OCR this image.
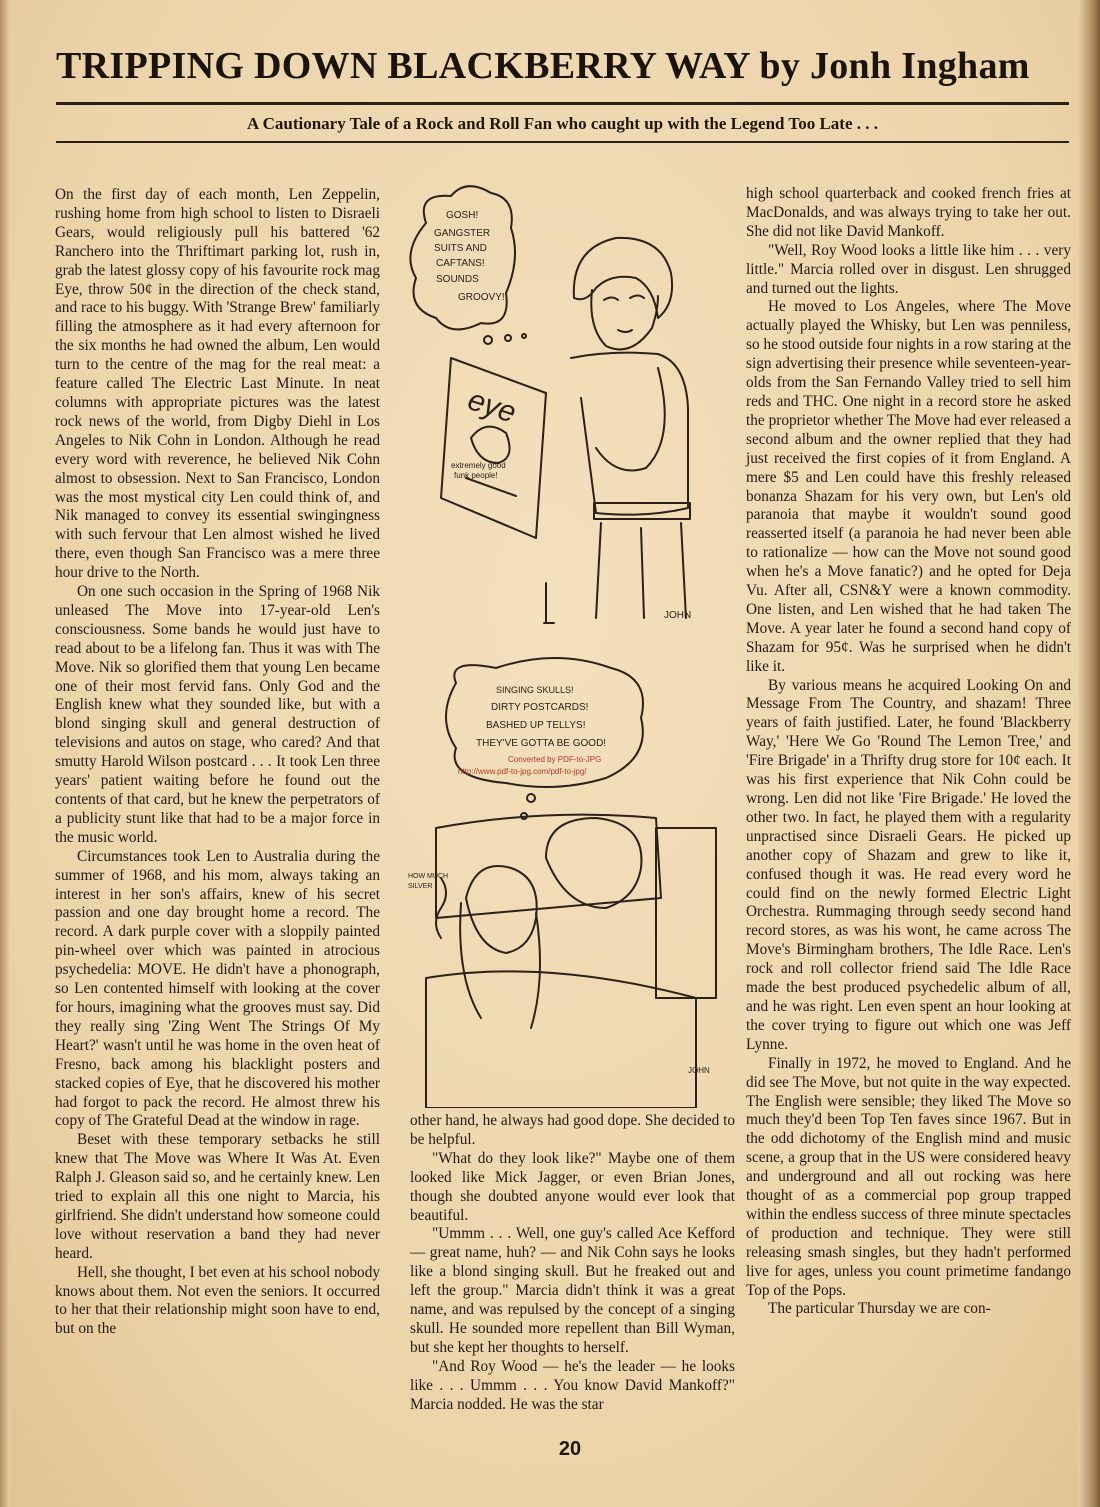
TRIPPING DOWN BLACKBERRY WAY by Jonh Ingham
A Cautionary Tale of a Rock and Roll Fan who caught up with the Legend Too Late . . .

On the first day of each month, Len Zeppelin, rushing home from high school to listen to Disraeli Gears, would religiously pull his battered '62 Ranchero into the Thriftimart parking lot, rush in, grab the latest glossy copy of his favourite rock mag Eye, throw 50¢ in the direction of the check stand, and race to his buggy. With 'Strange Brew' familiarly filling the atmosphere as it had every afternoon for the six months he had owned the album, Len would turn to the centre of the mag for the real meat: a feature called The Electric Last Minute. In neat columns with appropriate pictures was the latest rock news of the world, from Digby Diehl in Los Angeles to Nik Cohn in London. Although he read every word with reverence, he believed Nik Cohn almost to obsession. Next to San Francisco, London was the most mystical city Len could think of, and Nik managed to convey its essential swingingness with such fervour that Len almost wished he lived there, even though San Francisco was a mere three hour drive to the North.

On one such occasion in the Spring of 1968 Nik unleased The Move into 17-year-old Len's consciousness. Some bands he would just have to read about to be a lifelong fan. Thus it was with The Move. Nik so glorified them that young Len became one of their most fervid fans. Only God and the English knew what they sounded like, but with a blond singing skull and general destruction of televisions and autos on stage, who cared? And that smutty Harold Wilson postcard . . . It took Len three years' patient waiting before he found out the contents of that card, but he knew the perpetrators of a publicity stunt like that had to be a major force in the music world.

Circumstances took Len to Australia during the summer of 1968, and his mom, always taking an interest in her son's affairs, knew of his secret passion and one day brought home a record. The record. A dark purple cover with a sloppily painted pin-wheel over which was painted in atrocious psychedelia: MOVE. He didn't have a phonograph, so Len contented himself with looking at the cover for hours, imagining what the grooves must say. Did they really sing 'Zing Went The Strings Of My Heart?' wasn't until he was home in the oven heat of Fresno, back among his blacklight posters and stacked copies of Eye, that he discovered his mother had forgot to pack the record. He almost threw his copy of The Grateful Dead at the window in rage.

Beset with these temporary setbacks he still knew that The Move was Where It Was At. Even Ralph J. Gleason said so, and he certainly knew. Len tried to explain all this one night to Marcia, his girlfriend. She didn't understand how someone could love without reservation a band they had never heard.

Hell, she thought, I bet even at his school nobody knows about them. Not even the seniors. It occurred to her that their relationship might soon have to end, but on the

eye
GOSH!
GANGSTER
SUITS AND
CAFTANS!
SOUNDS
GROOVY!
extremely good
funk people!
JOHN
SINGING SKULLS!
DIRTY POSTCARDS!
BASHED UP TELLYS!
THEY'VE GOTTA BE GOOD!
Converted by PDF-to-JPG
http://www.pdf-to-jpg.com/pdf-to-jpg/
HOW MUCH
SILVER
JOHN

other hand, he always had good dope. She decided to be helpful.

"What do they look like?" Maybe one of them looked like Mick Jagger, or even Brian Jones, though she doubted anyone would ever look that beautiful.

"Ummm . . . Well, one guy's called Ace Kefford — great name, huh? — and Nik Cohn says he looks like a blond singing skull. But he freaked out and left the group." Marcia didn't think it was a great name, and was repulsed by the concept of a singing skull. He sounded more repellent than Bill Wyman, but she kept her thoughts to herself.

"And Roy Wood — he's the leader — he looks like . . . Ummm . . . You know David Mankoff?" Marcia nodded. He was the star

high school quarterback and cooked french fries at MacDonalds, and was always trying to take her out. She did not like David Mankoff.

"Well, Roy Wood looks a little like him . . . very little." Marcia rolled over in disgust. Len shrugged and turned out the lights.

He moved to Los Angeles, where The Move actually played the Whisky, but Len was penniless, so he stood outside four nights in a row staring at the sign advertising their presence while seventeen-year-olds from the San Fernando Valley tried to sell him reds and THC. One night in a record store he asked the proprietor whether The Move had ever released a second album and the owner replied that they had just received the first copies of it from England. A mere $5 and Len could have this freshly released bonanza Shazam for his very own, but Len's old paranoia that maybe it wouldn't sound good reasserted itself (a paranoia he had never been able to rationalize — how can the Move not sound good when he's a Move fanatic?) and he opted for Deja Vu. After all, CSN&Y were a known commodity. One listen, and Len wished that he had taken The Move. A year later he found a second hand copy of Shazam for 95¢. Was he surprised when he didn't like it.

By various means he acquired Looking On and Message From The Country, and shazam! Three years of faith justified. Later, he found 'Blackberry Way,' 'Here We Go 'Round The Lemon Tree,' and 'Fire Brigade' in a Thrifty drug store for 10¢ each. It was his first experience that Nik Cohn could be wrong. Len did not like 'Fire Brigade.' He loved the other two. In fact, he played them with a regularity unpractised since Disraeli Gears. He picked up another copy of Shazam and grew to like it, confused though it was. He read every word he could find on the newly formed Electric Light Orchestra. Rummaging through seedy second hand record stores, as was his wont, he came across The Move's Birmingham brothers, The Idle Race. Len's rock and roll collector friend said The Idle Race made the best produced psychedelic album of all, and he was right. Len even spent an hour looking at the cover trying to figure out which one was Jeff Lynne.

Finally in 1972, he moved to England. And he did see The Move, but not quite in the way expected. The English were sensible; they liked The Move so much they'd been Top Ten faves since 1967. But in the odd dichotomy of the English mind and music scene, a group that in the US were considered heavy and underground and all out rocking was here thought of as a commercial pop group trapped within the endless success of three minute spectacles of production and technique. They were still releasing smash singles, but they hadn't performed live for ages, unless you count primetime fandango Top of the Pops.

The particular Thursday we are con-

20
